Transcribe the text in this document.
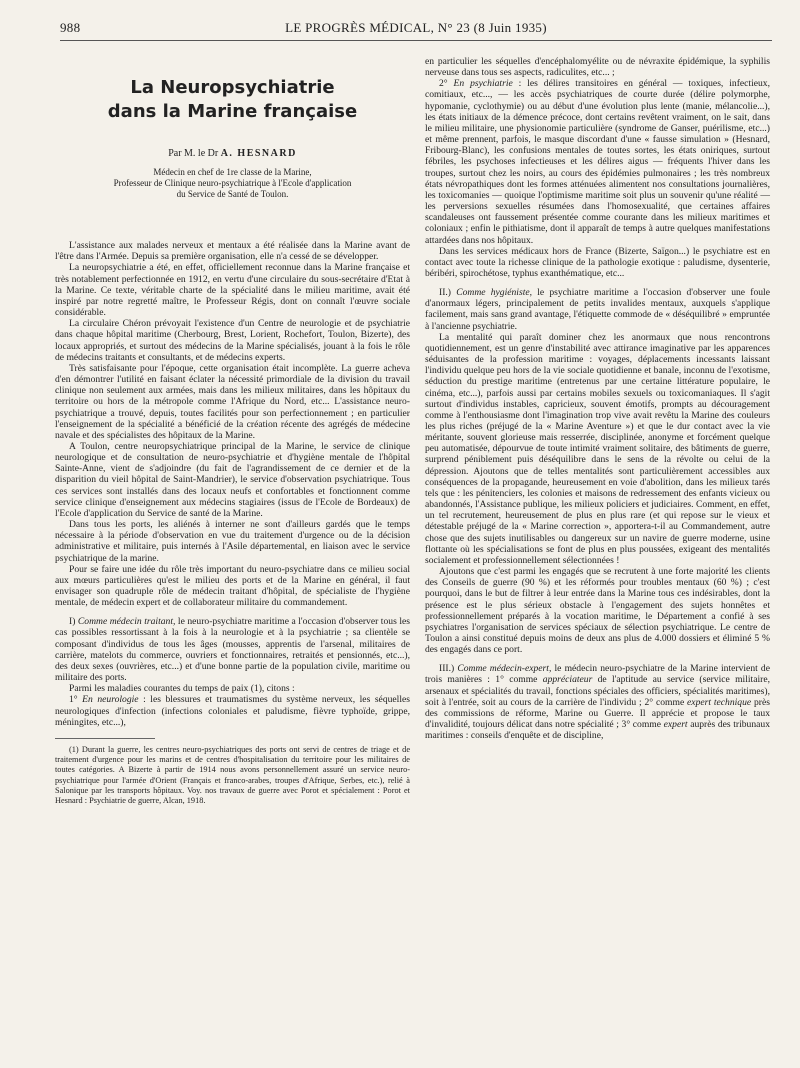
988	LE PROGRÈS MÉDICAL, N° 23 (8 Juin 1935)
La Neuropsychiatrie
dans la Marine française
Par M. le Dr A. HESNARD
Médecin en chef de 1re classe de la Marine,
Professeur de Clinique neuro-psychiatrique à l'Ecole d'application
du Service de Santé de Toulon.

L'assistance aux malades nerveux et mentaux a été réalisée dans la Marine avant de l'être dans l'Armée. Depuis sa première organisation, elle n'a cessé de se développer.

La neuropsychiatrie a été, en effet, officiellement reconnue dans la Marine française et très notablement perfectionnée en 1912, en vertu d'une circulaire du sous-secrétaire d'Etat à la Marine. Ce texte, véritable charte de la spécialité dans le milieu maritime, avait été inspiré par notre regretté maître, le Professeur Régis, dont on connaît l'œuvre sociale considérable.

La circulaire Chéron prévoyait l'existence d'un Centre de neurologie et de psychiatrie dans chaque hôpital maritime (Cherbourg, Brest, Lorient, Rochefort, Toulon, Bizerte), des locaux appropriés, et surtout des médecins de la Marine spécialisés, jouant à la fois le rôle de médecins traitants et consultants, et de médecins experts.

Très satisfaisante pour l'époque, cette organisation était incomplète. La guerre acheva d'en démontrer l'utilité en faisant éclater la nécessité primordiale de la division du travail clinique non seulement aux armées, mais dans les milieux militaires, dans les hôpitaux du territoire ou hors de la métropole comme l'Afrique du Nord, etc... L'assistance neuro-psychiatrique a trouvé, depuis, toutes facilités pour son perfectionnement ; en particulier l'enseignement de la spécialité a bénéficié de la création récente des agrégés de médecine navale et des spécialistes des hôpitaux de la Marine.

A Toulon, centre neuropsychiatrique principal de la Marine, le service de clinique neurologique et de consultation de neuro-psychiatrie et d'hygiène mentale de l'hôpital Sainte-Anne, vient de s'adjoindre (du fait de l'agrandissement de ce dernier et de la disparition du vieil hôpital de Saint-Mandrier), le service d'observation psychiatrique. Tous ces services sont installés dans des locaux neufs et confortables et fonctionnent comme service clinique d'enseignement aux médecins stagiaires (issus de l'Ecole de Bordeaux) de l'Ecole d'application du Service de santé de la Marine.

Dans tous les ports, les aliénés à interner ne sont d'ailleurs gardés que le temps nécessaire à la période d'observation en vue du traitement d'urgence ou de la décision administrative et militaire, puis internés à l'Asile départemental, en liaison avec le service psychiatrique de la marine.

Pour se faire une idée du rôle très important du neuro-psychiatre dans ce milieu social aux mœurs particulières qu'est le milieu des ports et de la Marine en général, il faut envisager son quadruple rôle de médecin traitant d'hôpital, de spécialiste de l'hygiène mentale, de médecin expert et de collaborateur militaire du commandement.

I) Comme médecin traitant, le neuro-psychiatre maritime a l'occasion d'observer tous les cas possibles ressortissant à la fois à la neurologie et à la psychiatrie ; sa clientèle se composant d'individus de tous les âges (mousses, apprentis de l'arsenal, militaires de carrière, matelots du commerce, ouvriers et fonctionnaires, retraités et pensionnés, etc...), des deux sexes (ouvrières, etc...) et d'une bonne partie de la population civile, maritime ou militaire des ports.

Parmi les maladies courantes du temps de paix (1), citons :

1° En neurologie : les blessures et traumatismes du système nerveux, les séquelles neurologiques d'infection (infections coloniales et paludisme, fièvre typhoïde, grippe, méningites, etc...),

(1) Durant la guerre, les centres neuro-psychiatriques des ports ont servi de centres de triage et de traitement d'urgence pour les marins et de centres d'hospitalisation du territoire pour les militaires de toutes catégories. A Bizerte à partir de 1914 nous avons personnellement assuré un service neuro-psychiatrique pour l'armée d'Orient (Français et franco-arabes, troupes d'Afrique, Serbes, etc.), relié à Salonique par les transports hôpitaux. Voy. nos travaux de guerre avec Porot et spécialement : Porot et Hesnard : Psychiatrie de guerre, Alcan, 1918.

en particulier les séquelles d'encéphalomyélite ou de névraxite épidémique, la syphilis nerveuse dans tous ses aspects, radiculites, etc... ;

2° En psychiatrie : les délires transitoires en général — toxiques, infectieux, comitiaux, etc..., — les accès psychiatriques de courte durée (délire polymorphe, hypomanie, cyclothymie) ou au début d'une évolution plus lente (manie, mélancolie...), les états initiaux de la démence précoce, dont certains revêtent vraiment, on le sait, dans le milieu militaire, une physionomie particulière (syndrome de Ganser, puérilisme, etc...) et même prennent, parfois, le masque discordant d'une « fausse simulation » (Hesnard, Fribourg-Blanc), les confusions mentales de toutes sortes, les états oniriques, surtout fébriles, les psychoses infectieuses et les délires aigus — fréquents l'hiver dans les troupes, surtout chez les noirs, au cours des épidémies pulmonaires ; les très nombreux états névropathiques dont les formes atténuées alimentent nos consultations journalières, les toxicomanies — quoique l'optimisme maritime soit plus un souvenir qu'une réalité — les perversions sexuelles résumées dans l'homosexualité, que certaines affaires scandaleuses ont faussement présentée comme courante dans les milieux maritimes et coloniaux ; enfin le pithiatisme, dont il apparaît de temps à autre quelques manifestations attardées dans nos hôpitaux.

Dans les services médicaux hors de France (Bizerte, Saïgon...) le psychiatre est en contact avec toute la richesse clinique de la pathologie exotique : paludisme, dysenterie, béribéri, spirochétose, typhus exanthématique, etc...

II.) Comme hygiéniste, le psychiatre maritime a l'occasion d'observer une foule d'anormaux légers, principalement de petits invalides mentaux, auxquels s'applique facilement, mais sans grand avantage, l'étiquette commode de « déséquilibré » empruntée à l'ancienne psychiatrie.

La mentalité qui paraît dominer chez les anormaux que nous rencontrons quotidiennement, est un genre d'instabilité avec attirance imaginative par les apparences séduisantes de la profession maritime : voyages, déplacements incessants laissant l'individu quelque peu hors de la vie sociale quotidienne et banale, inconnu de l'exotisme, séduction du prestige maritime (entretenus par une certaine littérature populaire, le cinéma, etc...), parfois aussi par certains mobiles sexuels ou toxicomaniaques. Il s'agit surtout d'individus instables, capricieux, souvent émotifs, prompts au découragement comme à l'enthousiasme dont l'imagination trop vive avait revêtu la Marine des couleurs les plus riches (préjugé de la « Marine Aventure ») et que le dur contact avec la vie méritante, souvent glorieuse mais resserrée, disciplinée, anonyme et forcément quelque peu automatisée, dépourvue de toute intimité vraiment solitaire, des bâtiments de guerre, surprend péniblement puis déséquilibre dans le sens de la révolte ou celui de la dépression. Ajoutons que de telles mentalités sont particulièrement accessibles aux conséquences de la propagande, heureusement en voie d'abolition, dans les milieux tarés tels que : les pénitenciers, les colonies et maisons de redressement des enfants vicieux ou abandonnés, l'Assistance publique, les milieux policiers et judiciaires. Comment, en effet, un tel recrutement, heureusement de plus en plus rare (et qui repose sur le vieux et détestable préjugé de la « Marine correction », apportera-t-il au Commandement, autre chose que des sujets inutilisables ou dangereux sur un navire de guerre moderne, usine flottante où les spécialisations se font de plus en plus poussées, exigeant des mentalités socialement et professionnellement sélectionnées !

Ajoutons que c'est parmi les engagés que se recrutent à une forte majorité les clients des Conseils de guerre (90 %) et les réformés pour troubles mentaux (60 %) ; c'est pourquoi, dans le but de filtrer à leur entrée dans la Marine tous ces indésirables, dont la présence est le plus sérieux obstacle à l'engagement des sujets honnêtes et professionnellement préparés à la vocation maritime, le Département a confié à ses psychiatres l'organisation de services spéciaux de sélection psychiatrique. Le centre de Toulon a ainsi constitué depuis moins de deux ans plus de 4.000 dossiers et éliminé 5 % des engagés dans ce port.

III.) Comme médecin-expert, le médecin neuro-psychiatre de la Marine intervient de trois manières : 1° comme appréciateur de l'aptitude au service (service militaire, arsenaux et spécialités du travail, fonctions spéciales des officiers, spécialités maritimes), soit à l'entrée, soit au cours de la carrière de l'individu ; 2° comme expert technique près des commissions de réforme, Marine ou Guerre. Il apprécie et propose le taux d'invalidité, toujours délicat dans notre spécialité ; 3° comme expert auprès des tribunaux maritimes : conseils d'enquête et de discipline,
